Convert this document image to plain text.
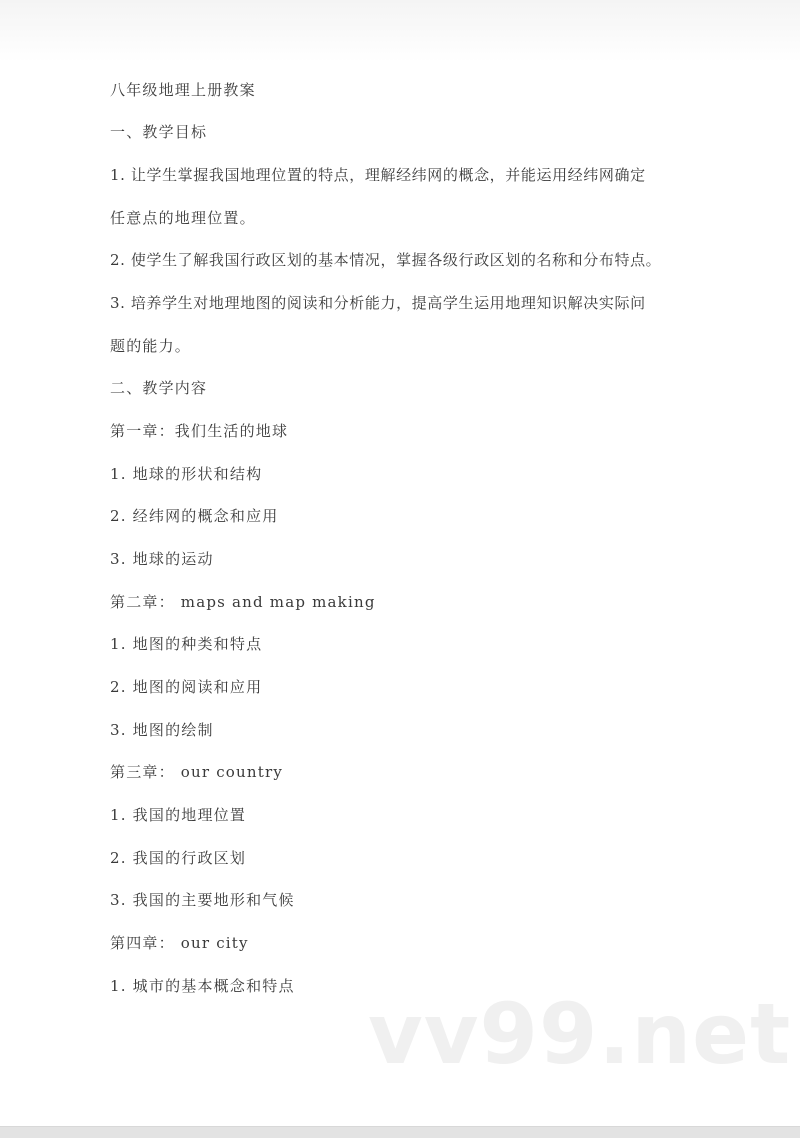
八年级地理上册教案
一、教学目标
1. 让学生掌握我国地理位置的特点，理解经纬网的概念，并能运用经纬网确定
任意点的地理位置。
2. 使学生了解我国行政区划的基本情况，掌握各级行政区划的名称和分布特点。
3. 培养学生对地理地图的阅读和分析能力，提高学生运用地理知识解决实际问
题的能力。
二、教学内容
第一章：我们生活的地球
1. 地球的形状和结构
2. 经纬网的概念和应用
3. 地球的运动
第二章： maps and map making
1. 地图的种类和特点
2. 地图的阅读和应用
3. 地图的绘制
第三章： our country
1. 我国的地理位置
2. 我国的行政区划
3. 我国的主要地形和气候
第四章： our city
1. 城市的基本概念和特点 vv99.net
